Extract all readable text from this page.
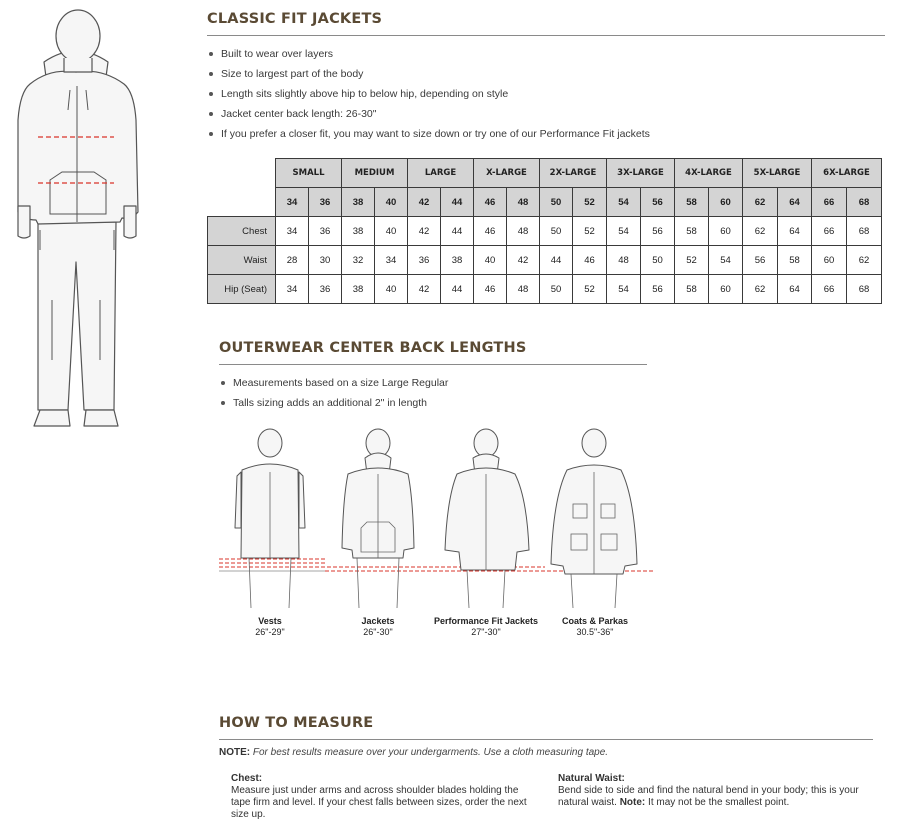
CLASSIC FIT JACKETS
Built to wear over layers
Size to largest part of the body
Length sits slightly above hip to below hip, depending on style
Jacket center back length: 26-30"
If you prefer a closer fit, you may want to size down or try one of our Performance Fit jackets
	SMALL		MEDIUM		LARGE		X-LARGE		2X-LARGE		3X-LARGE		4X-LARGE		5X-LARGE		6X-LARGE	
	34	36	38	40	42	44	46	48	50	52	54	56	58	60	62	64	66	68
Chest	34	36	38	40	42	44	46	48	50	52	54	56	58	60	62	64	66	68
Waist	28	30	32	34	36	38	40	42	44	46	48	50	52	54	56	58	60	62
Hip (Seat)	34	36	38	40	42	44	46	48	50	52	54	56	58	60	62	64	66	68
OUTERWEAR CENTER BACK LENGTHS
Measurements based on a size Large Regular
Talls sizing adds an additional 2" in length
Vests
26"-29"
Jackets
26"-30"
Performance Fit Jackets
27"-30"
Coats & Parkas
30.5"-36"
HOW TO MEASURE
NOTE: For best results measure over your undergarments. Use a cloth measuring tape.
Chest:
Measure just under arms and across shoulder blades holding the tape firm and level. If your chest falls between sizes, order the next size up.
Natural Waist:
Bend side to side and find the natural bend in your body; this is your natural waist. Note: It may not be the smallest point.
